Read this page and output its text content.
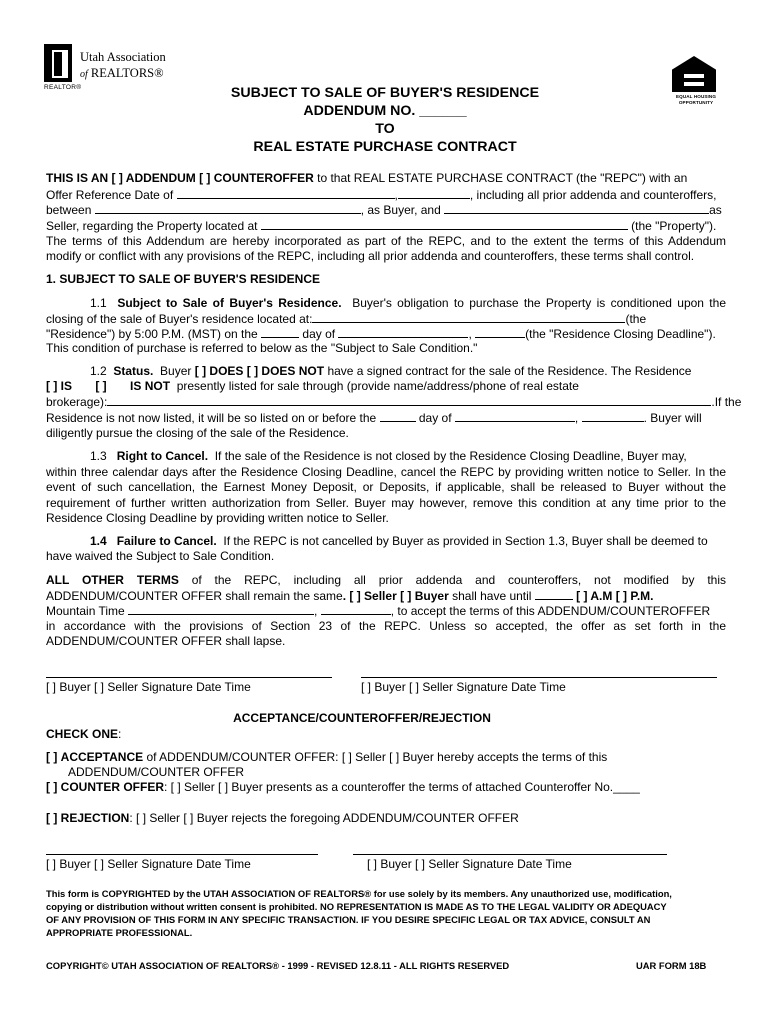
Utah Association
of REALTORS®
REALTOR®
EQUAL HOUSING
OPPORTUNITY
SUBJECT TO SALE OF BUYER'S RESIDENCE
ADDENDUM NO. ______
TO
REAL ESTATE PURCHASE CONTRACT
THIS IS AN [ ] ADDENDUM [ ] COUNTEROFFER to that REAL ESTATE PURCHASE CONTRACT (the "REPC") with an
Offer Reference Date of	,	, including all prior addenda and counteroffers,
between	, as Buyer, and	as
Seller, regarding the Property located at	(the "Property").
The terms of this Addendum are hereby incorporated as part of the REPC, and to the extent the terms of this Addendum
modify or conflict with any provisions of the REPC, including all prior addenda and counteroffers, these terms shall control.
1. SUBJECT TO SALE OF BUYER'S RESIDENCE
1.1 Subject to Sale of Buyer's Residence. Buyer's obligation to purchase the Property is conditioned upon the
closing of the sale of Buyer's residence located at:	(the
"Residence") by 5:00 P.M. (MST) on the	day of	,	(the "Residence Closing Deadline").
This condition of purchase is referred to below as the "Subject to Sale Condition."
1.2 Status. Buyer [ ] DOES [ ] DOES NOT have a signed contract for the sale of the Residence. The Residence
[ ] IS [ ] IS NOT presently listed for sale through (provide name/address/phone of real estate
brokerage):	.If the
Residence is not now listed, it will be so listed on or before the	day of	,	. Buyer will
diligently pursue the closing of the sale of the Residence.
1.3 Right to Cancel. If the sale of the Residence is not closed by the Residence Closing Deadline, Buyer may,
within three calendar days after the Residence Closing Deadline, cancel the REPC by providing written notice to Seller. In the
event of such cancellation, the Earnest Money Deposit, or Deposits, if applicable, shall be released to Buyer without the
requirement of further written authorization from Seller. Buyer may however, remove this condition at any time prior to the
Residence Closing Deadline by providing written notice to Seller.
1.4 Failure to Cancel. If the REPC is not cancelled by Buyer as provided in Section 1.3, Buyer shall be deemed to
have waived the Subject to Sale Condition.
ALL OTHER TERMS of the REPC, including all prior addenda and counteroffers, not modified by this
ADDENDUM/COUNTER OFFER shall remain the same. [ ] Seller [ ] Buyer shall have until	[ ] A.M [ ] P.M.
Mountain Time	,	, to accept the terms of this ADDENDUM/COUNTEROFFER
in accordance with the provisions of Section 23 of the REPC. Unless so accepted, the offer as set forth in the
ADDENDUM/COUNTER OFFER shall lapse.
[ ] Buyer [ ] Seller Signature Date Time	[ ] Buyer [ ] Seller Signature Date Time
ACCEPTANCE/COUNTEROFFER/REJECTION
CHECK ONE:
[ ] ACCEPTANCE of ADDENDUM/COUNTER OFFER: [ ] Seller [ ] Buyer hereby accepts the terms of this
ADDENDUM/COUNTER OFFER
[ ] COUNTER OFFER: [ ] Seller [ ] Buyer presents as a counteroffer the terms of attached Counteroffer No.____
[ ] REJECTION: [ ] Seller [ ] Buyer rejects the foregoing ADDENDUM/COUNTER OFFER
[ ] Buyer [ ] Seller Signature Date Time	[ ] Buyer [ ] Seller Signature Date Time
This form is COPYRIGHTED by the UTAH ASSOCIATION OF REALTORS® for use solely by its members. Any unauthorized use, modification,
copying or distribution without written consent is prohibited. NO REPRESENTATION IS MADE AS TO THE LEGAL VALIDITY OR ADEQUACY
OF ANY PROVISION OF THIS FORM IN ANY SPECIFIC TRANSACTION. IF YOU DESIRE SPECIFIC LEGAL OR TAX ADVICE, CONSULT AN
APPROPRIATE PROFESSIONAL.
COPYRIGHT© UTAH ASSOCIATION OF REALTORS® - 1999 - REVISED 12.8.11 - ALL RIGHTS RESERVED	UAR FORM 18B
